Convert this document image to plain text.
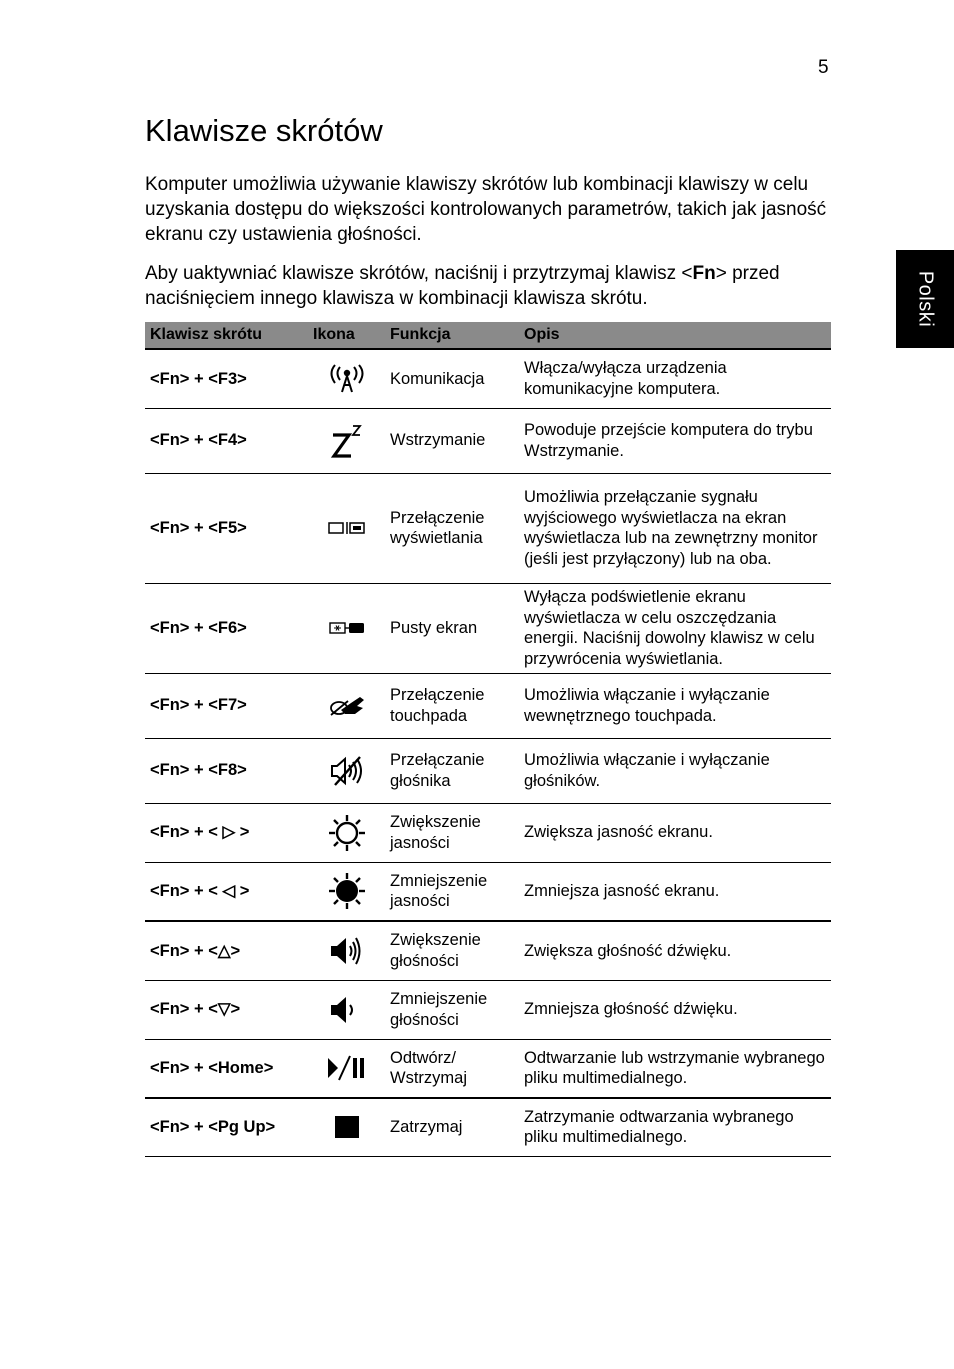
5
Polski
Klawisze skrótów

Komputer umożliwia używanie klawiszy skrótów lub kombinacji klawiszy w celu uzyskania dostępu do większości kontrolowanych parametrów, takich jak jasność ekranu czy ustawienia głośności.

Aby uaktywniać klawisze skrótów, naciśnij i przytrzymaj klawisz <Fn> przed naciśnięciem innego klawisza w kombinacji klawisza skrótu.

Klawisz skrótu	Ikona	Funkcja	Opis
<Fn> + <F3>		Komunikacja	Włącza/wyłącza urządzenia komunikacyjne komputera.
<Fn> + <F4>		Wstrzymanie	Powoduje przejście komputera do trybu Wstrzymanie.
<Fn> + <F5>		Przełączenie wyświetlania	Umożliwia przełączanie sygnału wyjściowego wyświetlacza na ekran wyświetlacza lub na zewnętrzny monitor (jeśli jest przyłączony) lub na oba.
<Fn> + <F6>		Pusty ekran	Wyłącza podświetlenie ekranu wyświetlacza w celu oszczędzania energii. Naciśnij dowolny klawisz w celu przywrócenia wyświetlania.
<Fn> + <F7>		Przełączenie touchpada	Umożliwia włączanie i wyłączanie wewnętrznego touchpada.
<Fn> + <F8>		Przełączanie głośnika	Umożliwia włączanie i wyłączanie głośników.
<Fn> + < ▷ >		Zwiększenie jasności	Zwiększa jasność ekranu.
<Fn> + < ◁ >		Zmniejszenie jasności	Zmniejsza jasność ekranu.
<Fn> + <△>		Zwiększenie głośności	Zwiększa głośność dźwięku.
<Fn> + <▽>		Zmniejszenie głośności	Zmniejsza głośność dźwięku.
<Fn> + <Home>		Odtwórz/ Wstrzymaj	Odtwarzanie lub wstrzymanie wybranego pliku multimedialnego.
<Fn> + <Pg Up>		Zatrzymaj	Zatrzymanie odtwarzania wybranego pliku multimedialnego.
